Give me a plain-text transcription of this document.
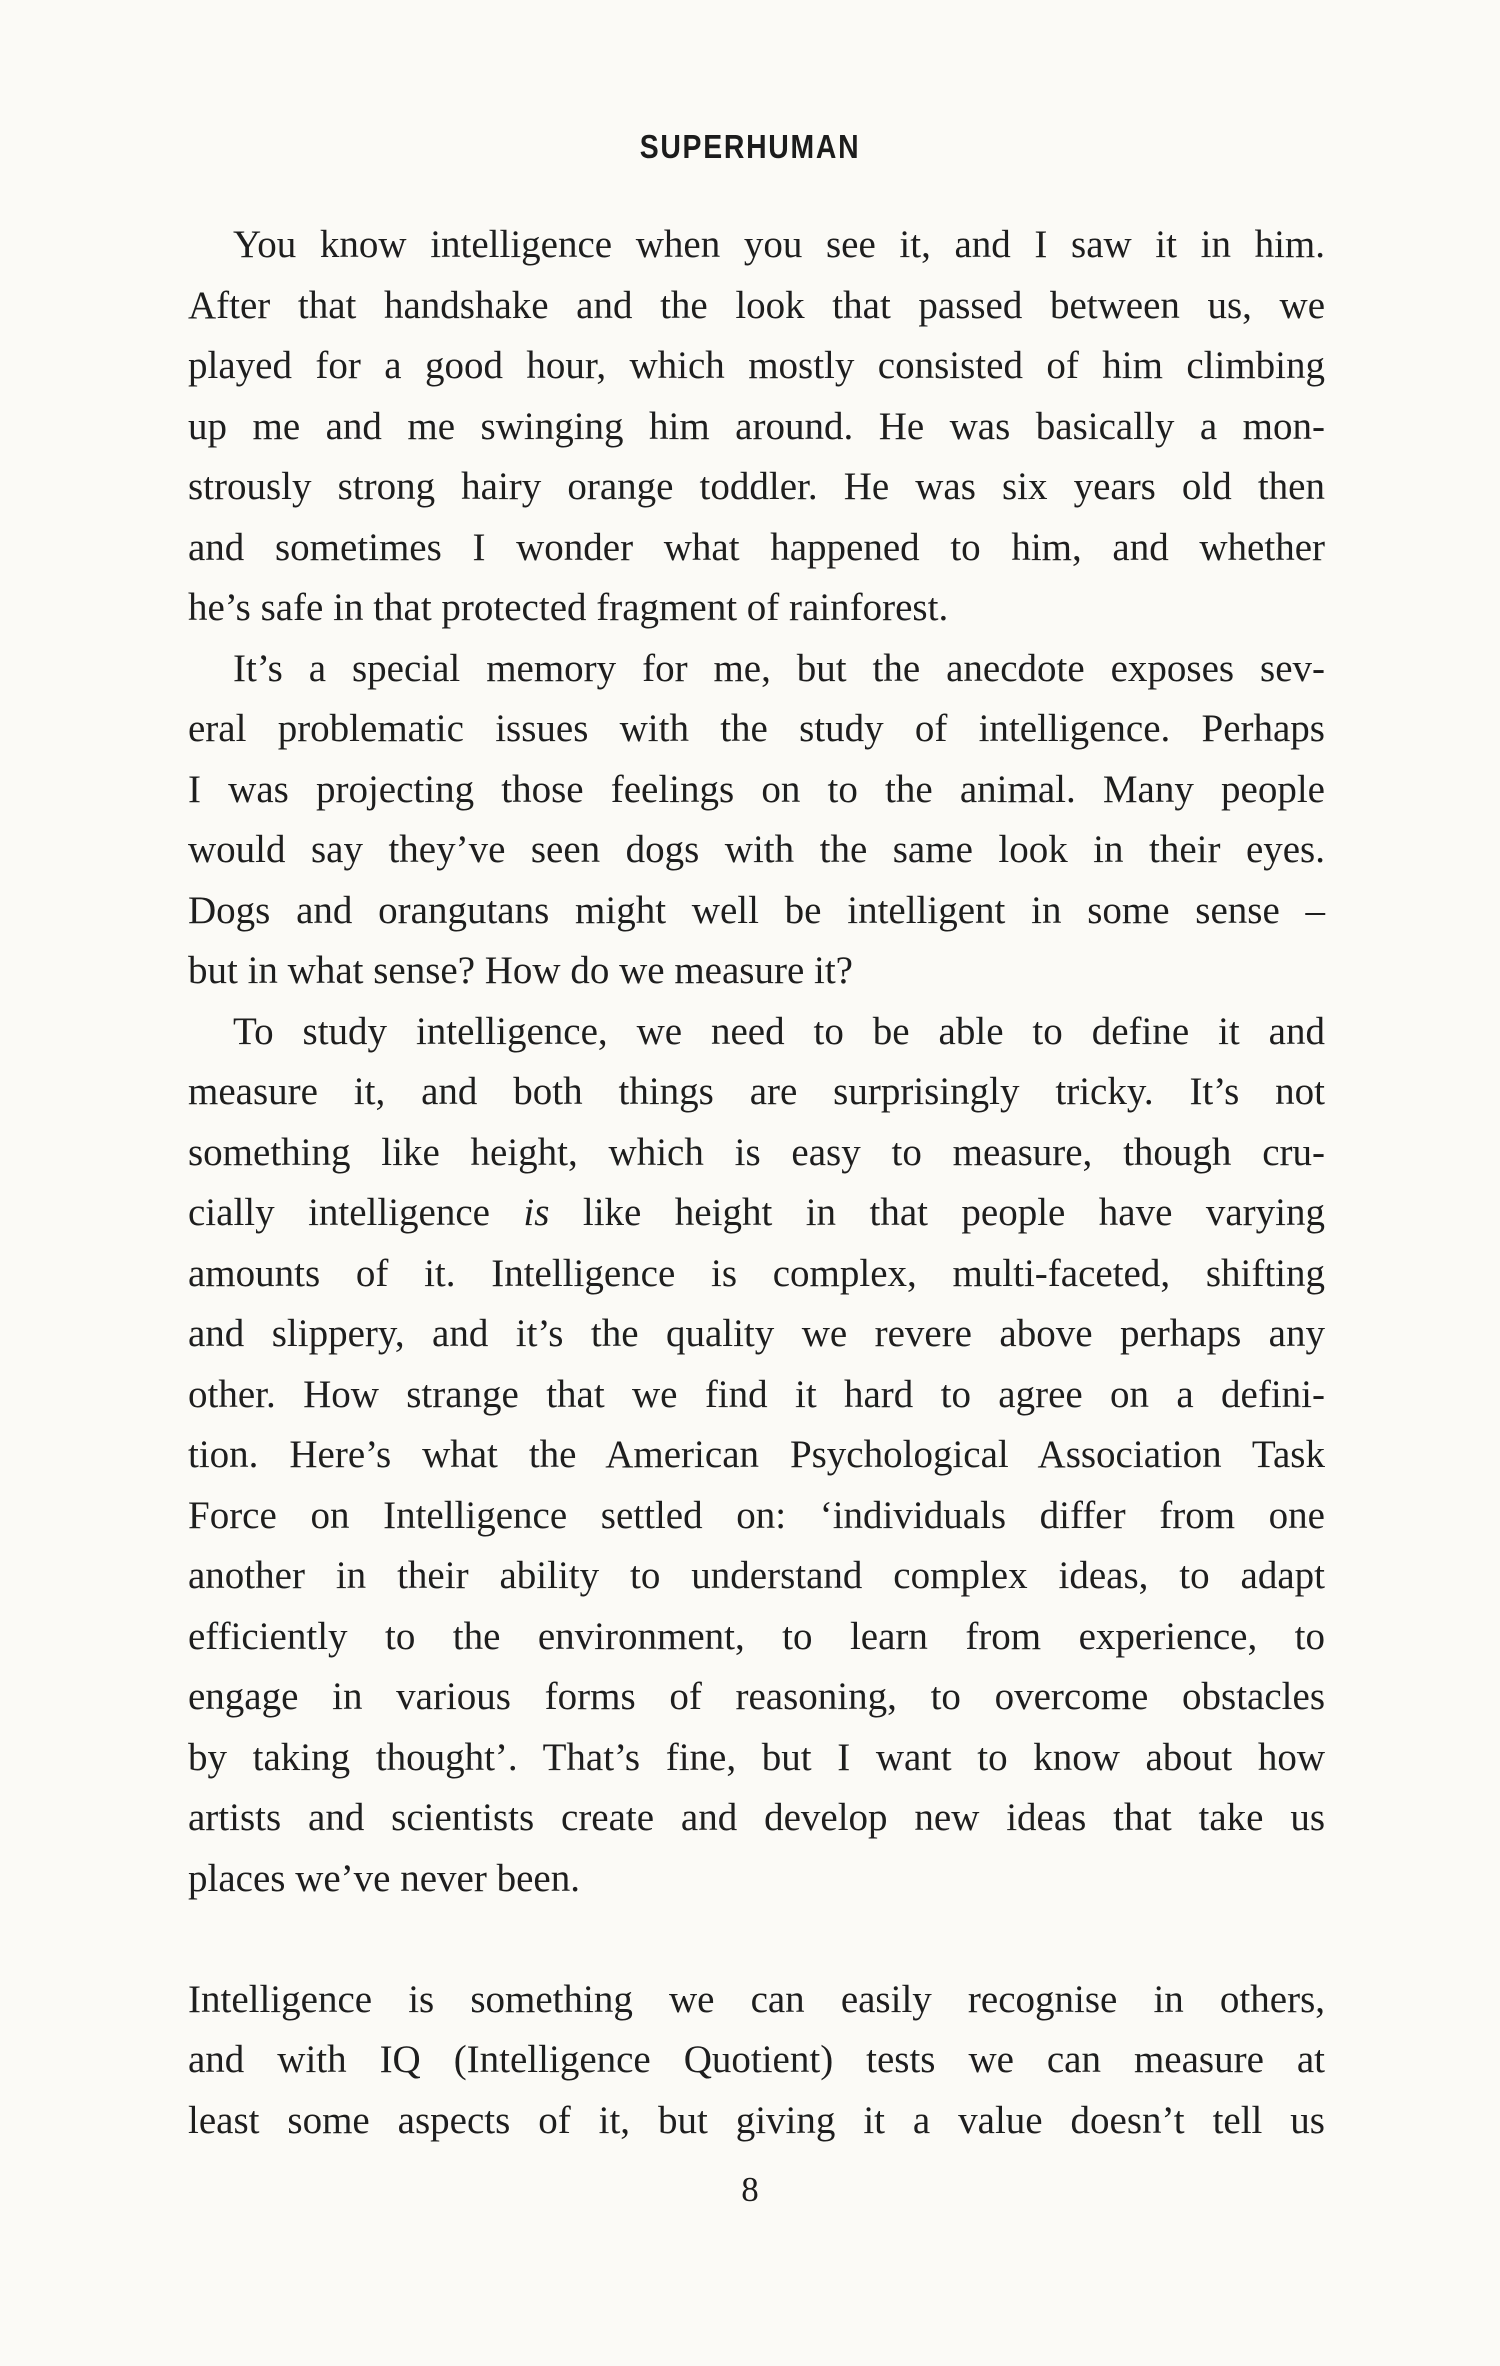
SUPERHUMAN
You know intelligence when you see it, and I saw it in him.
After that handshake and the look that passed between us, we
played for a good hour, which mostly consisted of him climbing
up me and me swinging him around. He was basically a mon-
strously strong hairy orange toddler. He was six years old then
and sometimes I wonder what happened to him, and whether
he’s safe in that protected fragment of rainforest.
It’s a special memory for me, but the anecdote exposes sev-
eral problematic issues with the study of intelligence. Perhaps
I was projecting those feelings on to the animal. Many people
would say they’ve seen dogs with the same look in their eyes.
Dogs and orangutans might well be intelligent in some sense –
but in what sense? How do we measure it?
To study intelligence, we need to be able to define it and
measure it, and both things are surprisingly tricky. It’s not
something like height, which is easy to measure, though cru-
cially intelligence is like height in that people have varying
amounts of it. Intelligence is complex, multi-faceted, shifting
and slippery, and it’s the quality we revere above perhaps any
other. How strange that we find it hard to agree on a defini-
tion. Here’s what the American Psychological Association Task
Force on Intelligence settled on: ‘individuals differ from one
another in their ability to understand complex ideas, to adapt
efficiently to the environment, to learn from experience, to
engage in various forms of reasoning, to overcome obstacles
by taking thought’. That’s fine, but I want to know about how
artists and scientists create and develop new ideas that take us
places we’ve never been.
Intelligence is something we can easily recognise in others,
and with IQ (Intelligence Quotient) tests we can measure at
least some aspects of it, but giving it a value doesn’t tell us
8
